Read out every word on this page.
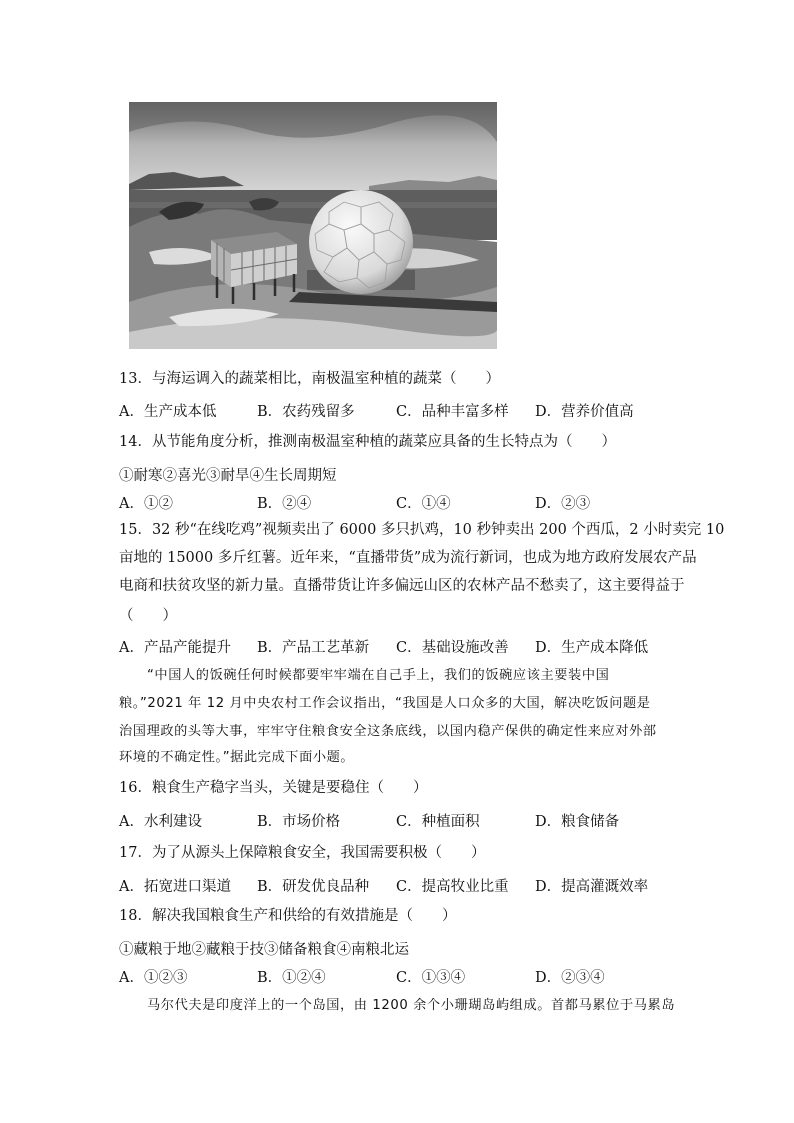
13．与海运调入的蔬菜相比，南极温室种植的蔬菜（　　）
A．生产成本低	B．农药残留多	C．品种丰富多样 D．营养价值高
14．从节能角度分析，推测南极温室种植的蔬菜应具备的生长特点为（　　）
①耐寒②喜光③耐旱④生长周期短
A．①②	B．②④	C．①④	D．②③
15．32 秒“在线吃鸡”视频卖出了 6000 多只扒鸡，10 秒钟卖出 200 个西瓜，2 小时卖完 10
亩地的 15000 多斤红薯。近年来，“直播带货”成为流行新词，也成为地方政府发展农产品
电商和扶贫攻坚的新力量。直播带货让许多偏远山区的农林产品不愁卖了，这主要得益于
（　　）
A．产品产能提升 B．产品工艺革新 C．基础设施改善 D．生产成本降低
“中国人的饭碗任何时候都要牢牢端在自己手上，我们的饭碗应该主要装中国
粮。”2021 年 12 月中央农村工作会议指出，“我国是人口众多的大国，解决吃饭问题是
治国理政的头等大事，牢牢守住粮食安全这条底线，以国内稳产保供的确定性来应对外部
环境的不确定性。”据此完成下面小题。
16．粮食生产稳字当头，关键是要稳住（　　）
A．水利建设	B．市场价格	C．种植面积	D．粮食储备
17．为了从源头上保障粮食安全，我国需要积极（　　）
A．拓宽进口渠道 B．研发优良品种 C．提高牧业比重 D．提高灌溉效率
18．解决我国粮食生产和供给的有效措施是（　　）
①藏粮于地②藏粮于技③储备粮食④南粮北运
A．①②③	B．①②④	C．①③④	D．②③④
马尔代夫是印度洋上的一个岛国，由 1200 余个小珊瑚岛屿组成。首都马累位于马累岛
